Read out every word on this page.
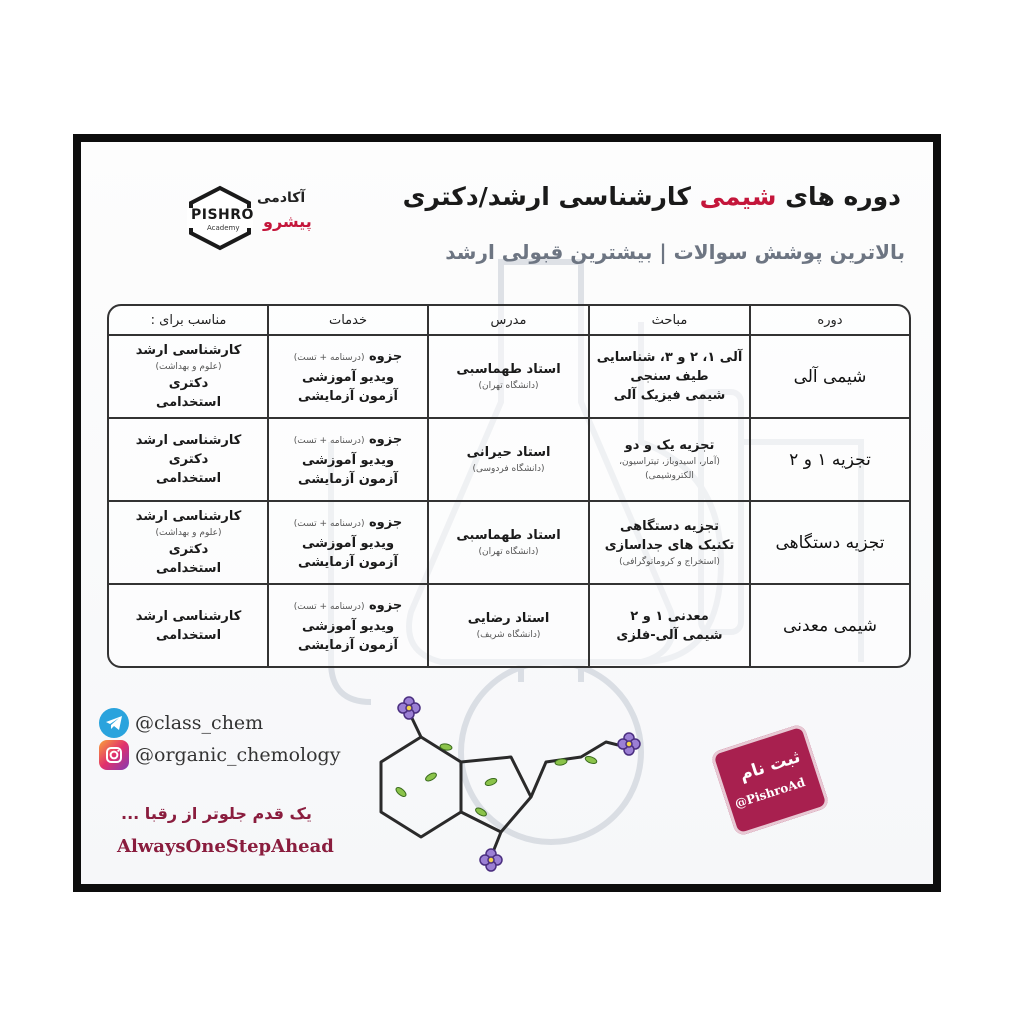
دوره های شیمی کارشناسی ارشد/دکتری
بالاترین پوشش سوالات | بیشترین قبولی ارشد
PISHRO
Academy
آکادمی
پیشرو
دوره
مباحث
مدرس
خدمات
مناسب برای :
شیمی آلی
آلی ۱، ۲ و ۳، شناسایی
طیف سنجی
شیمی فیزیک آلی
استاد طهماسبی
(دانشگاه تهران)
جزوه (درسنامه + تست)
ویدیو آموزشی
آزمون آزمایشی
کارشناسی ارشد
(علوم و بهداشت)
دکتری
استخدامی
تجزیه ۱ و ۲
تجزیه یک و دو
(آمار، اسیدوباز، تیتراسیون،
الکتروشیمی)
استاد حیرانی
(دانشگاه فردوسی)
جزوه (درسنامه + تست)
ویدیو آموزشی
آزمون آزمایشی
کارشناسی ارشد
دکتری
استخدامی
تجزیه دستگاهی
تجزیه دستگاهی
تکنیک های جداسازی
(استخراج و کروماتوگرافی)
استاد طهماسبی
(دانشگاه تهران)
جزوه (درسنامه + تست)
ویدیو آموزشی
آزمون آزمایشی
کارشناسی ارشد
(علوم و بهداشت)
دکتری
استخدامی
شیمی معدنی
معدنی ۱ و ۲
شیمی آلی-فلزی
استاد رضایی
(دانشگاه شریف)
جزوه (درسنامه + تست)
ویدیو آموزشی
آزمون آزمایشی
کارشناسی ارشد
استخدامی
@class_chem
@organic_chemology
یک قدم جلوتر از رقبا ...
AlwaysOneStepAhead
ثبت نام
@PishroAd
